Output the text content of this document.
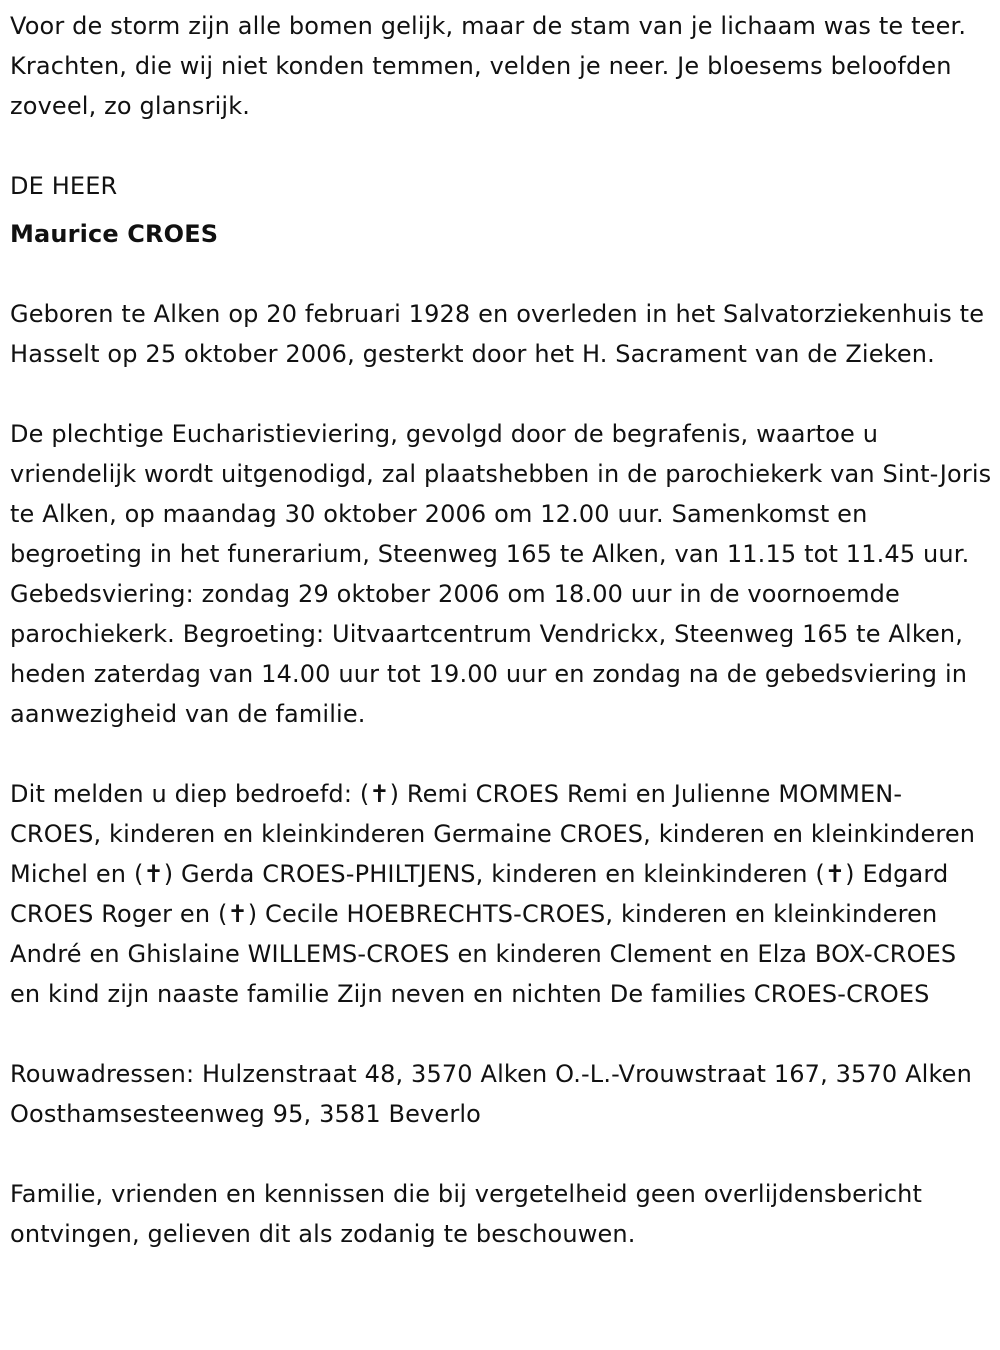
Voor de storm zijn alle bomen gelijk, maar de stam van je lichaam was te teer. Krachten, die wij niet konden temmen, velden je neer. Je bloesems beloofden zoveel, zo glansrijk.

DE HEER

Maurice CROES

Geboren te Alken op 20 februari 1928 en overleden in het Salvatorziekenhuis te Hasselt op 25 oktober 2006, gesterkt door het H. Sacrament van de Zieken.

De plechtige Eucharistieviering, gevolgd door de begrafenis, waartoe u vriendelijk wordt uitgenodigd, zal plaatshebben in de parochiekerk van Sint-Joris te Alken, op maandag 30 oktober 2006 om 12.00 uur. Samenkomst en begroeting in het funerarium, Steenweg 165 te Alken, van 11.15 tot 11.45 uur. Gebedsviering: zondag 29 oktober 2006 om 18.00 uur in de voornoemde parochiekerk. Begroeting: Uitvaartcentrum Vendrickx, Steenweg 165 te Alken, heden zaterdag van 14.00 uur tot 19.00 uur en zondag na de gebedsviering in aanwezigheid van de familie.

Dit melden u diep bedroefd: (✝) Remi CROES Remi en Julienne MOMMEN-CROES, kinderen en kleinkinderen Germaine CROES, kinderen en kleinkinderen Michel en (✝) Gerda CROES-PHILTJENS, kinderen en kleinkinderen (✝) Edgard CROES Roger en (✝) Cecile HOEBRECHTS-CROES, kinderen en kleinkinderen André en Ghislaine WILLEMS-CROES en kinderen Clement en Elza BOX-CROES en kind zijn naaste familie Zijn neven en nichten De families CROES-CROES

Rouwadressen: Hulzenstraat 48, 3570 Alken O.-L.-Vrouwstraat 167, 3570 Alken Oosthamsesteenweg 95, 3581 Beverlo

Familie, vrienden en kennissen die bij vergetelheid geen overlijdensbericht ontvingen, gelieven dit als zodanig te beschouwen.
